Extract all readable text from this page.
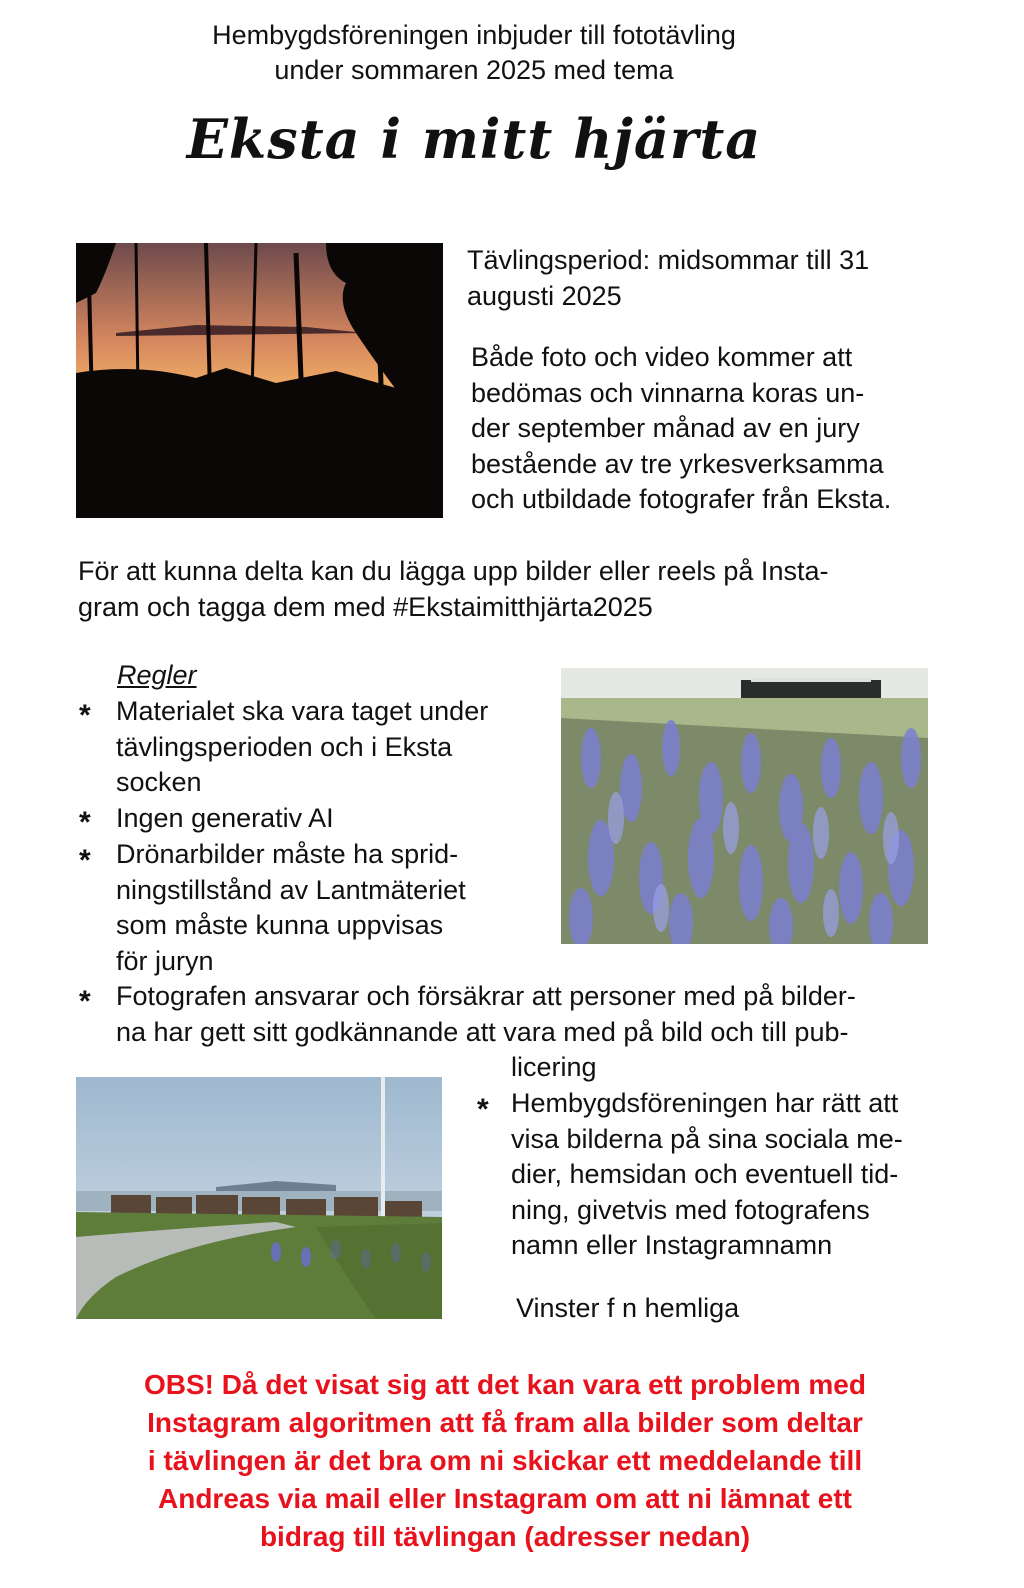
Hembygdsföreningen inbjuder till fototävling
under sommaren 2025 med tema
Eksta i mitt hjärta
Tävlingsperiod: midsommar till 31
augusti 2025
Både foto och video kommer att
bedömas och vinnarna koras un-
der september månad av en jury
bestående av tre yrkesverksamma
och utbildade fotografer från Eksta.
För att kunna delta kan du lägga upp bilder eller reels på Insta-
gram och tagga dem med #Ekstaimitthjärta2025
Regler
* Materialet ska vara taget under
tävlingsperioden och i Eksta
socken
* Ingen generativ AI
* Drönarbilder måste ha sprid-
ningstillstånd av Lantmäteriet
som måste kunna uppvisas
för juryn
* Fotografen ansvarar och försäkrar att personer med på bilder-
na har gett sitt godkännande att vara med på bild och till pub-
licering
* Hembygdsföreningen har rätt att
visa bilderna på sina sociala me-
dier, hemsidan och eventuell tid-
ning, givetvis med fotografens
namn eller Instagramnamn
Vinster f n hemliga
OBS! Då det visat sig att det kan vara ett problem med
Instagram algoritmen att få fram alla bilder som deltar
i tävlingen är det bra om ni skickar ett meddelande till
Andreas via mail eller Instagram om att ni lämnat ett
bidrag till tävlingan (adresser nedan)
